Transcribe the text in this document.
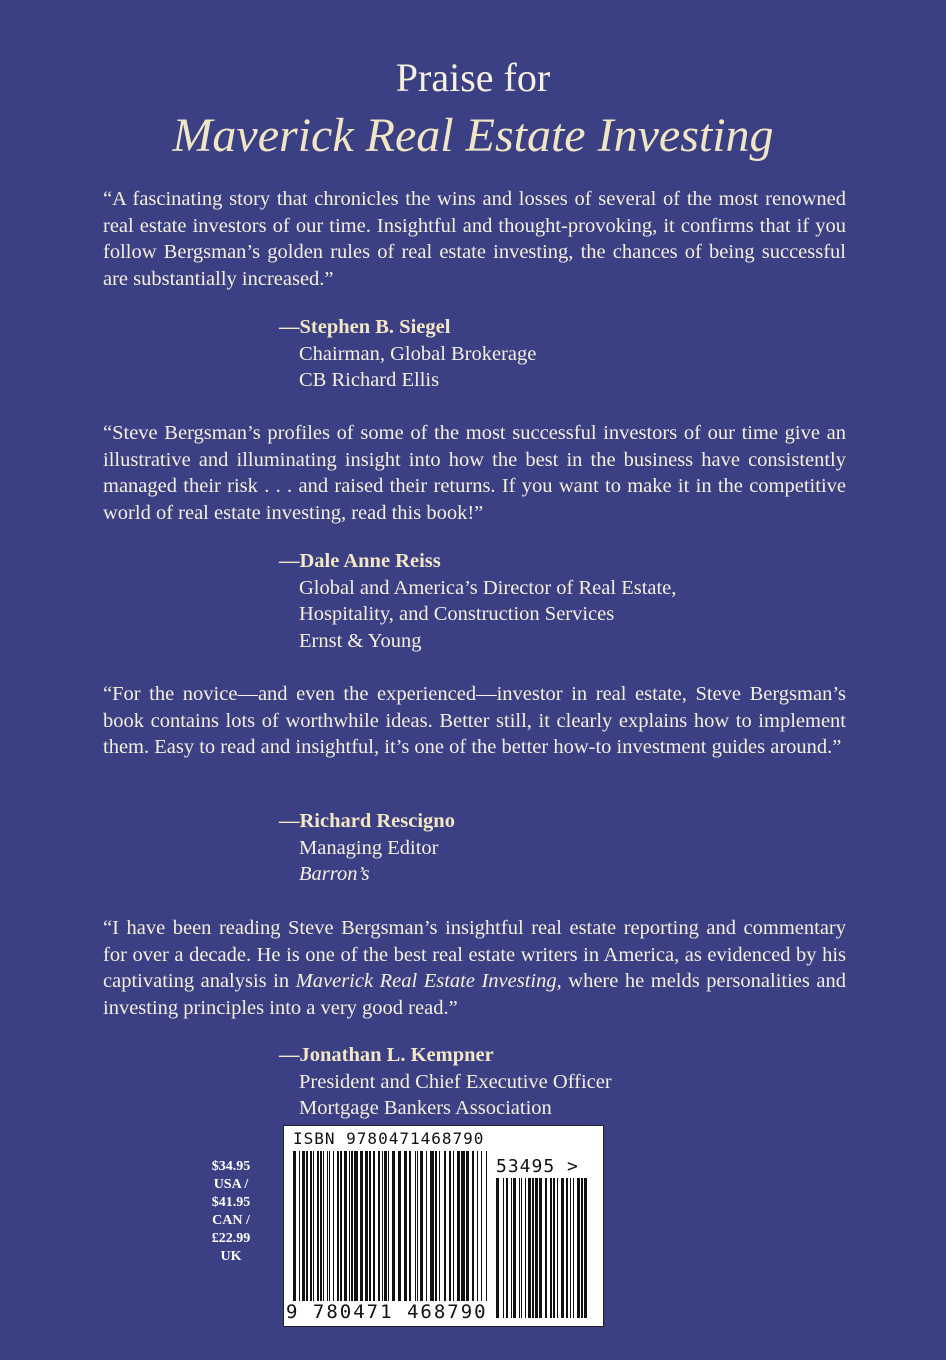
Praise for
Maverick Real Estate Investing
“A fascinating story that chronicles the wins and losses of several of the most renowned real estate investors of our time. Insightful and thought-provoking, it confirms that if you follow Bergsman’s golden rules of real estate investing, the chances of being successful are substantially increased.”
—Stephen B. Siegel
Chairman, Global Brokerage
CB Richard Ellis
“Steve Bergsman’s profiles of some of the most successful investors of our time give an illustrative and illuminating insight into how the best in the business have consistently managed their risk . . . and raised their returns. If you want to make it in the competitive world of real estate investing, read this book!”
—Dale Anne Reiss
Global and America’s Director of Real Estate,
Hospitality, and Construction Services
Ernst & Young
“For the novice—and even the experienced—investor in real estate, Steve Bergsman’s book contains lots of worthwhile ideas. Better still, it clearly explains how to implement them. Easy to read and insightful, it’s one of the better how-to investment guides around.”
—Richard Rescigno
Managing Editor
Barron’s
“I have been reading Steve Bergsman’s insightful real estate reporting and commentary for over a decade. He is one of the best real estate writers in America, as evidenced by his captivating analysis in Maverick Real Estate Investing, where he melds personalities and investing principles into a very good read.”
—Jonathan L. Kempner
President and Chief Executive Officer
Mortgage Bankers Association
$34.95
USA /
$41.95
CAN /
£22.99
UK
ISBN 9780471468790
53495 >
9 780471 468790
